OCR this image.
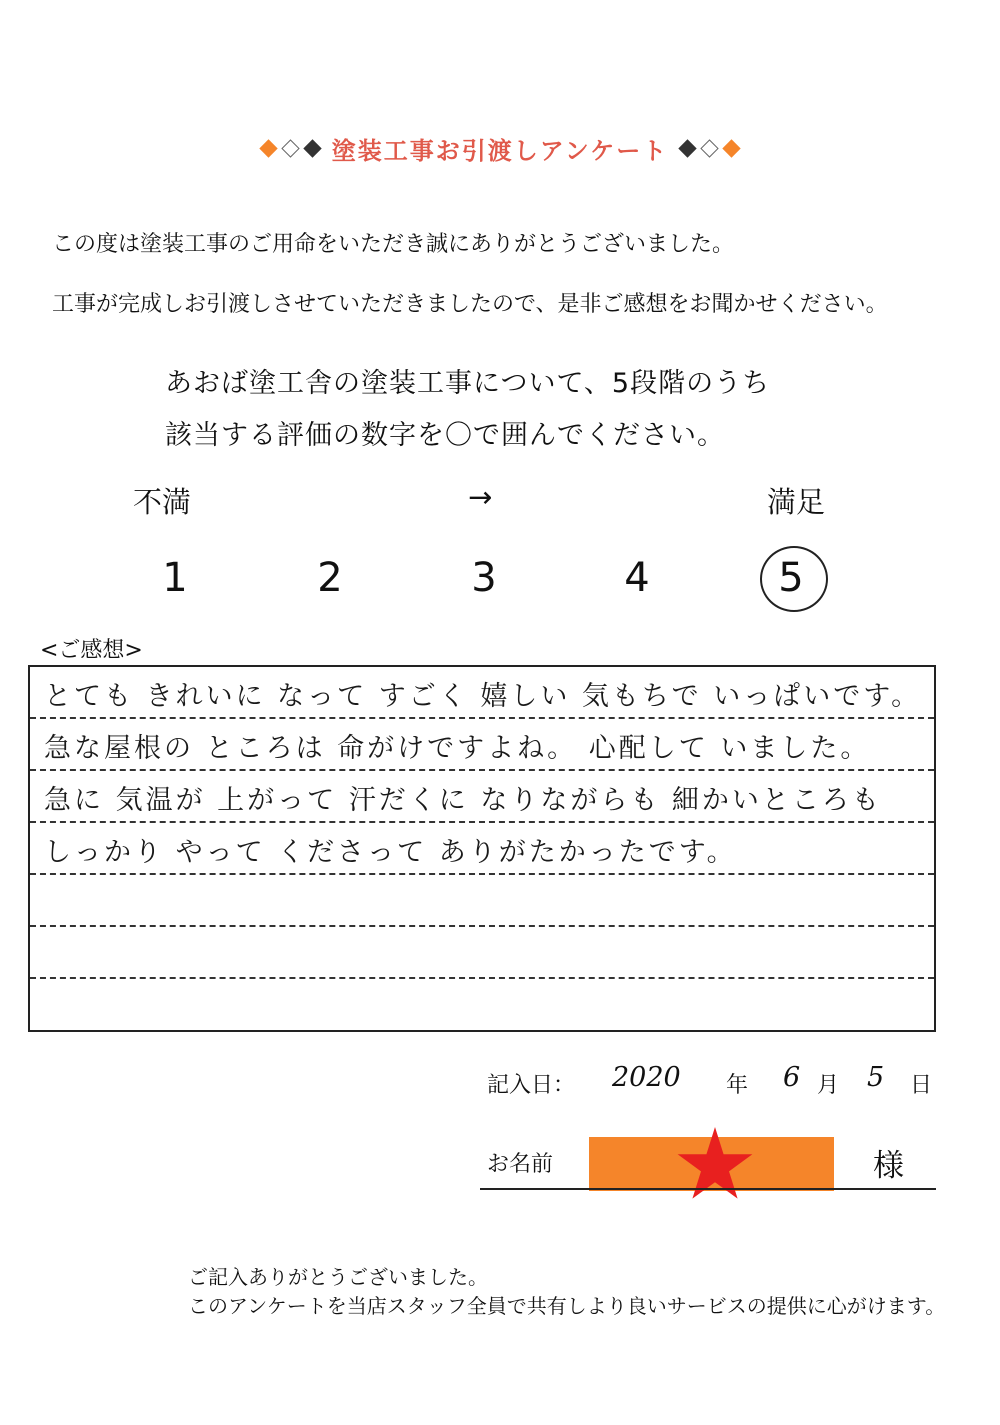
塗装工事お引渡しアンケート
この度は塗装工事のご用命をいただき誠にありがとうございました。
工事が完成しお引渡しさせていただきましたので、是非ご感想をお聞かせください。
あおば塗工舎の塗装工事について、5段階のうち
該当する評価の数字を〇で囲んでください。
不満	→	満足
1	2	3	4	5
<ご感想>
とても きれいに なって すごく 嬉しい 気もちで いっぱいです。
急な屋根の ところは 命がけですよね。 心配して いました。
急に 気温が 上がって 汗だくに なりながらも 細かいところも
しっかり やって くださって ありがたかったです。
記入日： 2020 年 6 月 5 日
お名前	様
ご記入ありがとうございました。
このアンケートを当店スタッフ全員で共有しより良いサービスの提供に心がけます。
